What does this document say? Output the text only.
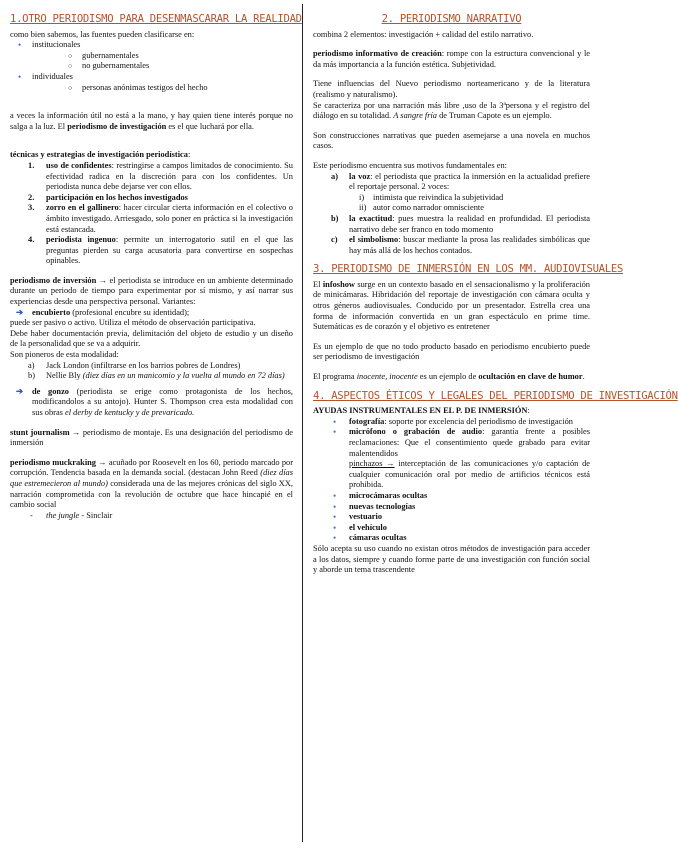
1.OTRO PERIODISMO PARA DESENMASCARAR LA REALIDAD

como bien sabemos, las fuentes pueden clasificarse en:

• institucionales
○ gubernamentales
○ no gubernamentales
• individuales
○ personas anónimas testigos del hecho

a veces la información útil no está a la mano, y hay quien tiene interés porque no salga a la luz. El periodismo de investigación es el que luchará por ella.

técnicas y estrategias de investigación periodística:

1. uso de confidentes: restringirse a campos limitados de conocimiento. Su efectividad radica en la discreción para con los confidentes. Un periodista nunca debe dejarse ver con ellos.
2. participación en los hechos investigados
3. zorro en el gallinero: hacer circular cierta información en el colectivo o ámbito investigado. Arriesgado, solo poner en práctica si la investigación está estancada.
4. periodista ingenuo: permite un interrogatorio sutil en el que las preguntas pierden su carga acusatoria para convertirse en sospechas opinables.

periodismo de inversión → el periodista se introduce en un ambiente determinado durante un periodo de tiempo para experimentar por sí mismo, y así narrar sus experiencias desde una perspectiva personal. Variantes:

➔ encubierto (profesional encubre su identidad);

puede ser pasivo o activo. Utiliza el método de observación participativa.

Debe haber documentación previa, delimitación del objeto de estudio y un diseño de la personalidad que se va a adquirir.

Son pioneros de esta modalidad:

a) Jack London (infiltrarse en los barrios pobres de Londres)
b) Nellie Bly (diez días en un manicomio y la vuelta al mundo en 72 días)
➔ de gonzo (periodista se erige como protagonista de los hechos, modificandolos a su antojo). Hunter S. Thompson crea esta modalidad con sus obras el derby de kentucky y de prevaricado.

stunt journalism → periodismo de montaje. Es una designación del periodismo de inmersión

periodismo muckraking → acuñado por Roosevelt en los 60, periodo marcado por corrupción. Tendencia basada en la demanda social. (destacan John Reed (diez días que estremecieron al mundo) considerada una de las mejores crónicas del siglo XX, narración comprometida con la revolución de octubre que hace hincapié en el cambio social

- the jungle - Sinclair
2. PERIODISMO NARRATIVO

combina 2 elementos: investigación + calidad del estilo narrativo.

periodismo informativo de creación: rompe con la estructura convencional y le da más importancia a la función estética. Subjetividad.

Tiene influencias del Nuevo periodismo norteamericano y de la literatura (realismo y naturalismo).

Se caracteriza por una narración más libre ,uso de la 3ªpersona y el registro del diálogo en su totalidad. A sangre fría de Truman Capote es un ejemplo.

Son construcciones narrativas que pueden asemejarse a una novela en muchos casos.

Este periodismo encuentra sus motivos fundamentales en:

a) la voz: el periodista que practica la inmersión en la actualidad prefiere el reportaje personal. 2 voces:
i) intimista que reivindica la subjetividad
ii) autor como narrador omnisciente
b) la exactitud: pues muestra la realidad en profundidad. El periodista narrativo debe ser franco en todo momento
c) el simbolismo: buscar mediante la prosa las realidades simbólicas que hay más allá de los hechos contados.
3. PERIODISMO DE INMERSIÓN EN LOS MM. AUDIOVISUALES

El infoshow surge en un contexto basado en el sensacionalismo y la proliferación de minicámaras. Hibridación del reportaje de investigación con cámara oculta y otros géneros audiovisuales. Conducido por un presentador. Estrella crea una forma de información convertida en un gran espectáculo en prime time. Sutemáticas es de corazón y el objetivo es entretener

Es un ejemplo de que no todo producto basado en periodismo encubierto puede ser periodismo de investigación

El programa inocente, inocente es un ejemplo de ocultación en clave de humor.

4. ASPECTOS ÉTICOS Y LEGALES DEL PERIODISMO DE INVESTIGACIÓN

AYUDAS INSTRUMENTALES EN EL P. DE INMERSIÓN:

• fotografía: soporte por excelencia del periodismo de investigación
• micrófono o grabación de audio: garantía frente a posibles reclamaciones: Que el consentimiento quede grabado para evitar malentendidos
pinchazos → interceptación de las comunicaciones y/o captación de cualquier comunicación oral por medio de artificios técnicos está prohibida.
• microcámaras ocultas
• nuevas tecnologías
• vestuario
• el vehículo
• cámaras ocultas

Sólo acepta su uso cuando no existan otros métodos de investigación para acceder a los datos, siempre y cuando forme parte de una investigación con función social y aborde un tema trascendente
